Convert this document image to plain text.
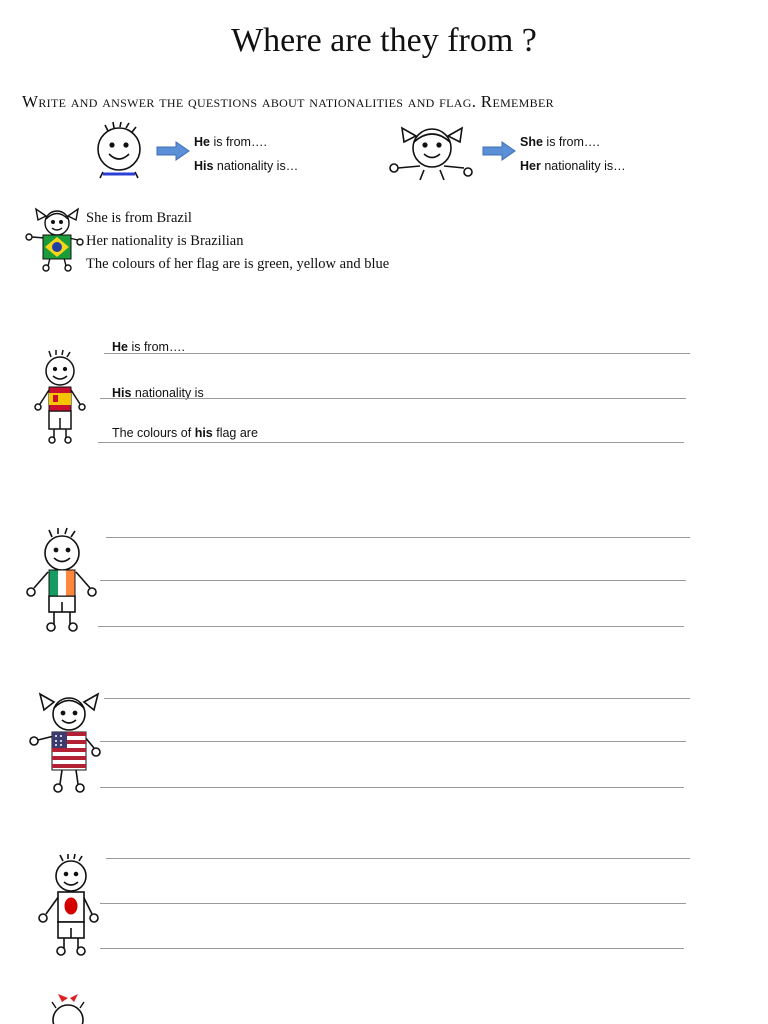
Where are they from ?
Write and answer the questions about nationalities and flag. Remember
He is from….
His nationality is…
She is from….
Her nationality is…
She is from Brazil
Her nationality is Brazilian
The colours of her flag are is green, yellow and blue
He is from….
His nationality is
The colours of his flag are
